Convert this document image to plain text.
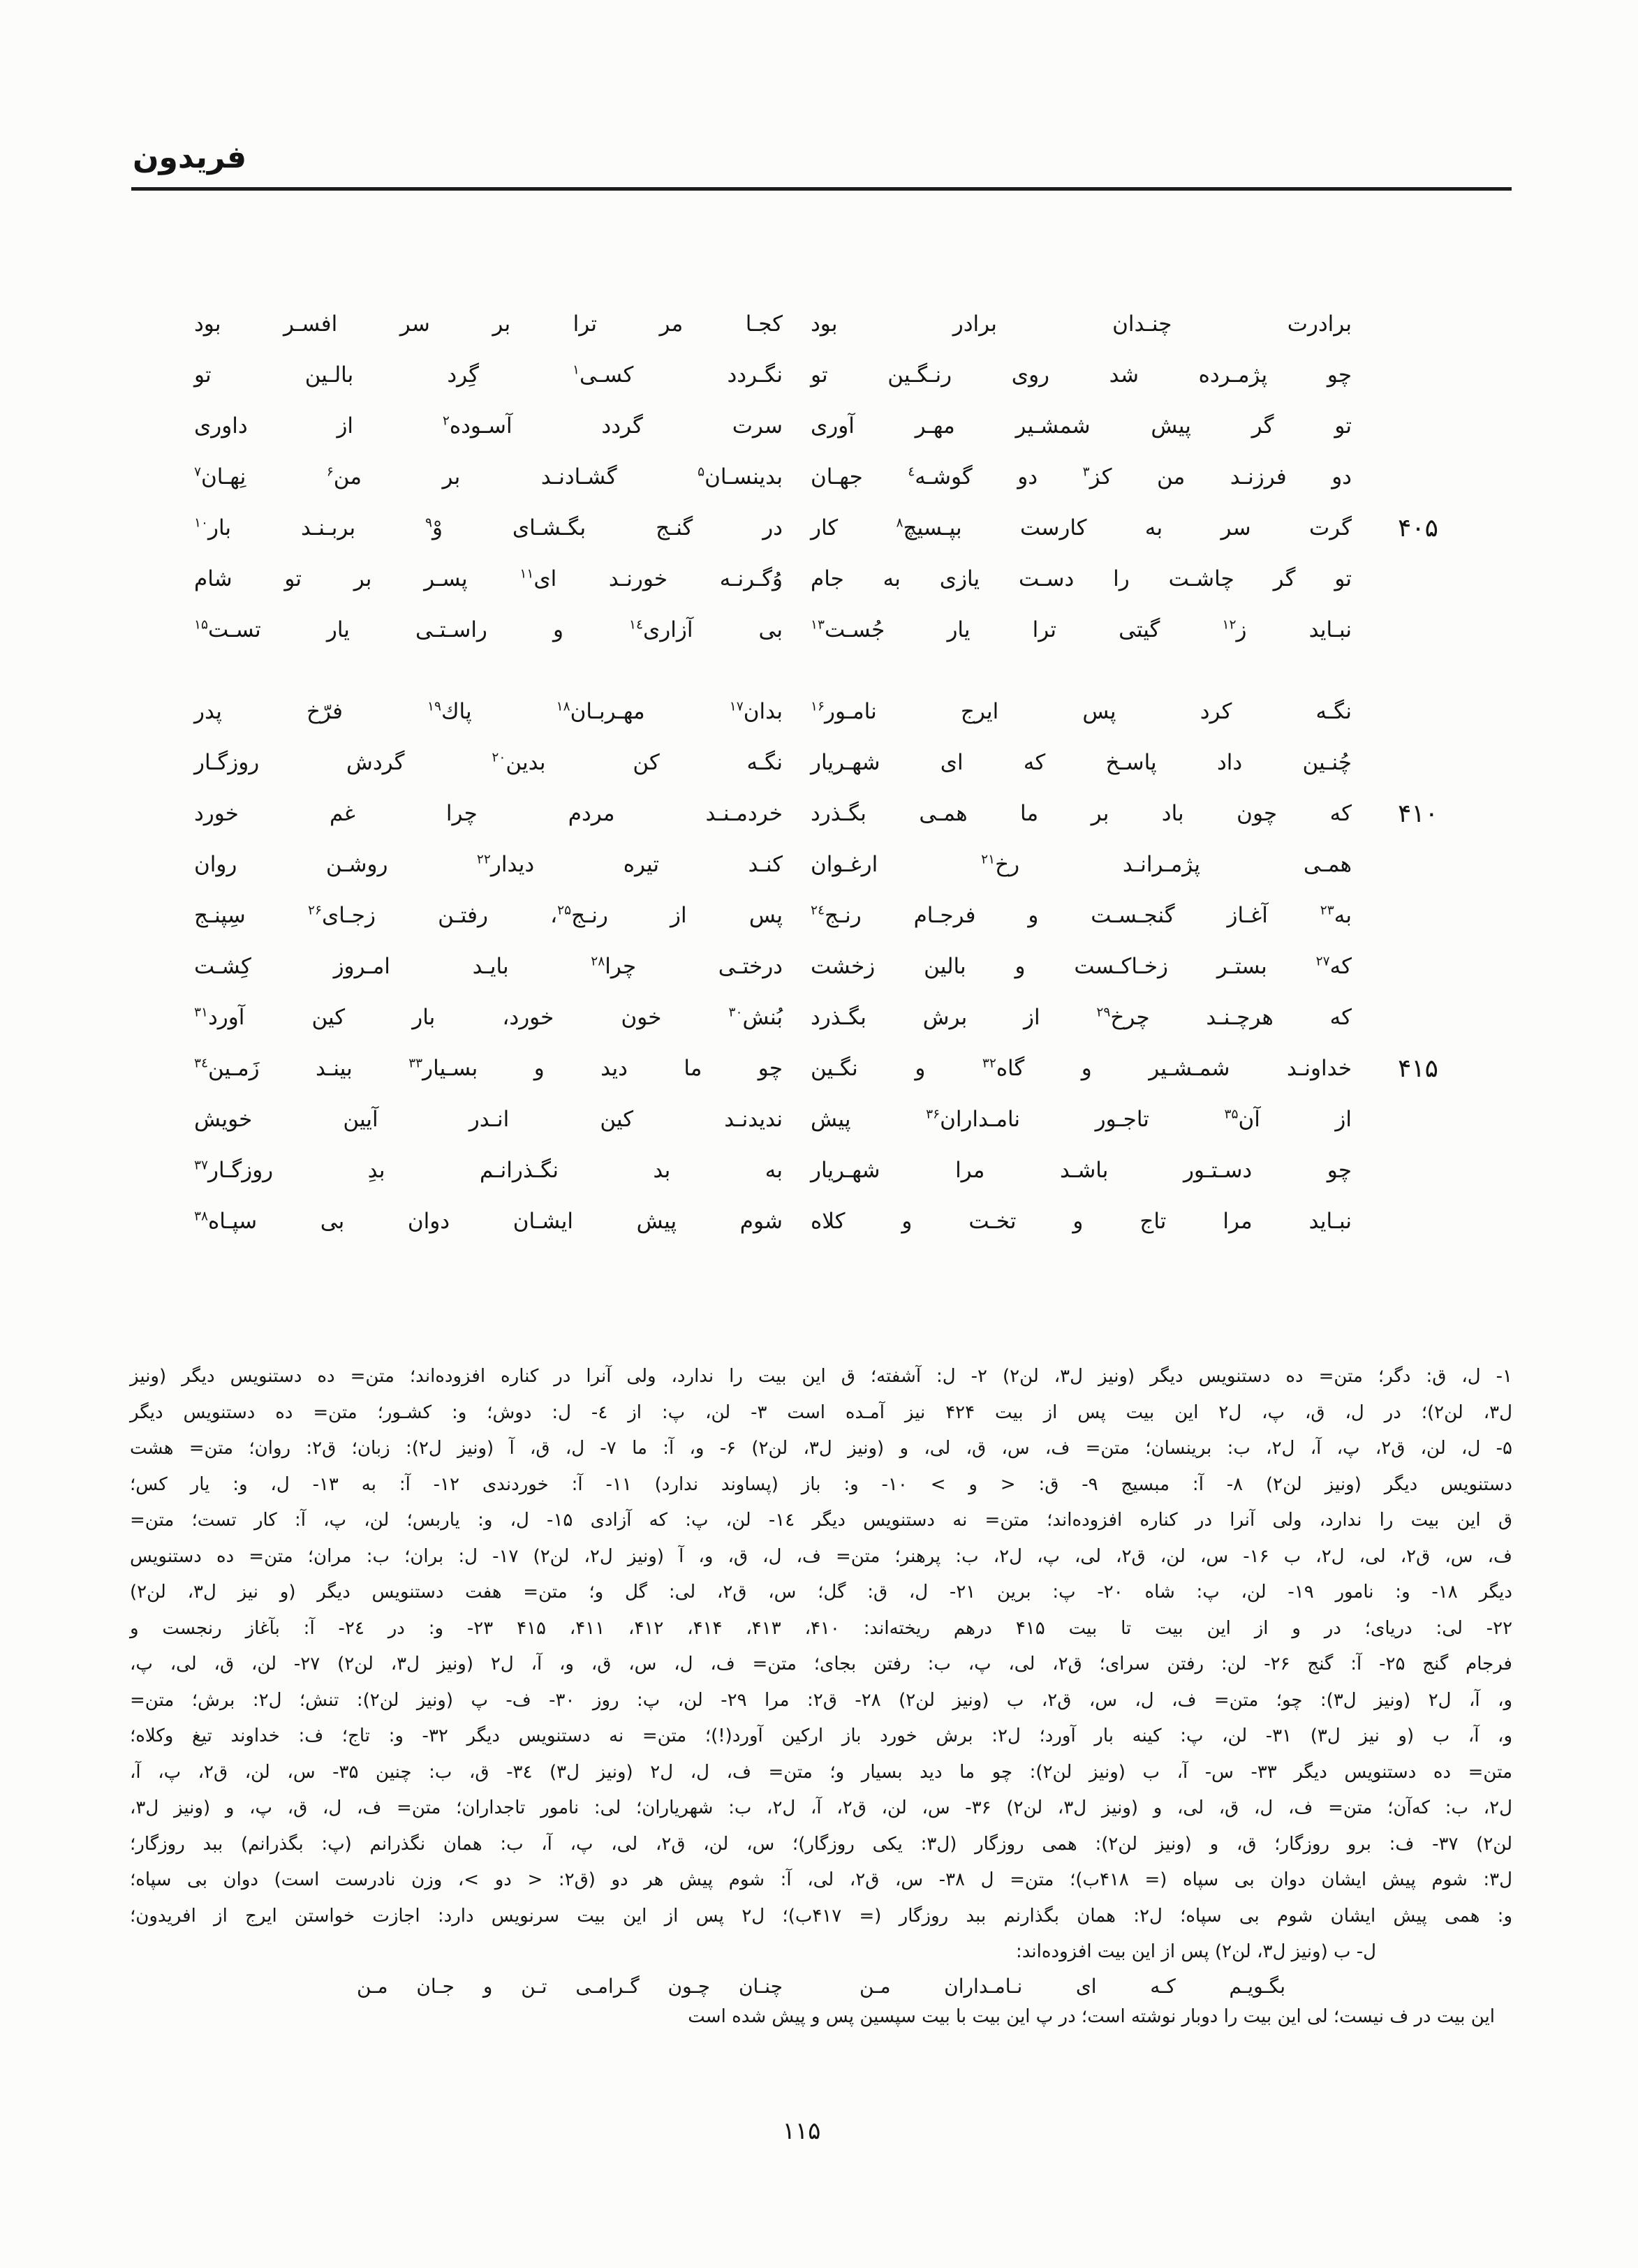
فریدون
برادرت چنـدان برادر بود
کجـا مر ترا بر سر افسـر بود
چو پژمـرده شد روی رنـگـین تو
نگـردد کسـی$^۱$ گِرد بالـین تو
تو گر پیش شمشـیر مهـر آوری
سرت گردد آسـوده$^۲$ از داوری
دو فرزنـد من کز$^۳$ دو گوشـه$^٤$ جهـان
بدینسـان$^۵$ گشـادنـد بر من$^۶$ نِهـان$^۷$
۴۰۵
گرت سر به کارست بپـسیچ$^۸$ کار
در گنـج بگـشـای وْ$^۹$ بربـنـد بار$^{۱۰}$
تو گر چاشـت را دسـت یازی به جام
وُگـرنـه خورنـد ای$^{۱۱}$ پسـر بر تو شام
نبـاید ز$^{۱۲}$ گیتی ترا یار جُسـت$^{۱۳}$
بی آزاری$^{۱٤}$ و راسـتـی یار تسـت$^{۱۵}$
نگـه کرد پس ایرج نامـور$^{۱۶}$
بدان$^{۱۷}$ مهـربـان$^{۱۸}$ پاك$^{۱۹}$ فرّخ پدر
چُنـین داد پاسـخ که ای شهـریار
نگـه کن بدین$^{۲۰}$ گردش روزگـار
۴۱۰
که چون باد بر ما همـی بگـذرد
خردمـنـد مردم چرا غم خورد
همـی پژمـرانـد رخ$^{۲۱}$ ارغـوان
کنـد تیره دیدار$^{۲۲}$ روشـن روان
به$^{۲۳}$ آغـاز گنجـسـت و فرجـام رنـج$^{۲٤}$
پس از رنـج$^{۲۵}$، رفتـن زجـای$^{۲۶}$ سِپنـج
که$^{۲۷}$ بستـر زخـاکـست و بالین زخشت
درختـی چرا$^{۲۸}$ بایـد امـروز کِشـت
که هرچـنـد چرخ$^{۲۹}$ از برش بگـذرد
بُنش$^{۳۰}$ خون خورد، بار کین آورد$^{۳۱}$
۴۱۵
خداونـد شمـشـیر و گاه$^{۳۲}$ و نگـین
چو ما دید و بسـیار$^{۳۳}$ بینـد زَمـین$^{۳٤}$
از آن$^{۳۵}$ تاجـور نامـداران$^{۳۶}$ پیش
ندیدنـد کین انـدر آیین خویش
چو دسـتـور باشـد مرا شهـریار
به بد نگـذرانـم بدِ روزگـار$^{۳۷}$
نبـاید مرا تاج و تخـت و کلاه
شوم پیش ایشـان دوان بی سپـاه$^{۳۸}$
۱- ل، ق: دگر؛ متن= ده دستنویس دیگر (ونیز ل۳، لن۲) ۲- ل: آشفته؛ ق این بیت را ندارد، ولی آنرا در کناره افزوده‌اند؛ متن= ده دستنویس دیگر (ونیز
ل۳، لن۲)؛ در ل، ق، پ، ل۲ این بیت پس از بیت ۴۲۴ نیز آمـده است ۳- لن، پ: از ٤- ل: دوش؛ و: کشـور؛ متن= ده دستنویس دیگر
۵- ل، لن، ق۲، پ، آ، ل۲، ب: برینسان؛ متن= ف، س، ق، لی، و (ونیز ل۳، لن۲) ۶- و، آ: ما ۷- ل، ق، آ (ونیز ل۲): زبان؛ ق۲: روان؛ متن= هشت
دستنویس دیگر (ونیز لن۲) ۸- آ: مبسیج ۹- ق: < و > ۱۰- و: باز (پساوند ندارد) ۱۱- آ: خوردندی ۱۲- آ: به ۱۳- ل، و: یار کس؛
ق این بیت را ندارد، ولی آنرا در کناره افزوده‌اند؛ متن= نه دستنویس دیگر ۱٤- لن، پ: که آزادی ۱۵- ل، و: یاربس؛ لن، پ، آ: کار تست؛ متن=
ف، س، ق۲، لی، ل۲، ب ۱۶- س، لن، ق۲، لی، پ، ل۲، ب: پرهنر؛ متن= ف، ل، ق، و، آ (ونیز ل۲، لن۲) ۱۷- ل: بران؛ ب: مران؛ متن= ده دستنویس
دیگر ۱۸- و: نامور ۱۹- لن، پ: شاه ۲۰- پ: برین ۲۱- ل، ق: گل؛ س، ق۲، لی: گل و؛ متن= هفت دستنویس دیگر (و نیز ل۳، لن۲)
۲۲- لی: دریای؛ در و از این بیت تا بیت ۴۱۵ درهم ریخته‌اند: ۴۱۰، ۴۱۳، ۴۱۴، ۴۱۲، ۴۱۱، ۴۱۵ ۲۳- و: در ۲٤- آ: بآغاز رنجست و
فرجام گنج ۲۵- آ: گنج ۲۶- لن: رفتن سرای؛ ق۲، لی، پ، ب: رفتن بجای؛ متن= ف، ل، س، ق، و، آ، ل۲ (ونیز ل۳، لن۲) ۲۷- لن، ق، لی، پ،
و، آ، ل۲ (ونیز ل۳): چو؛ متن= ف، ل، س، ق۲، ب (ونیز لن۲) ۲۸- ق۲: مرا ۲۹- لن، پ: روز ۳۰- ف- پ (ونیز لن۲): تنش؛ ل۲: برش؛ متن=
و، آ، ب (و نیز ل۳) ۳۱- لن، پ: کینه بار آورد؛ ل۲: برش خورد باز ارکین آورد(!)؛ متن= نه دستنویس دیگر ۳۲- و: تاج؛ ف: خداوند تیغ وکلاه؛
متن= ده دستنویس دیگر ۳۳- س- آ، ب (ونیز لن۲): چو ما دید بسیار و؛ متن= ف، ل، ل۲ (ونیز ل۳) ۳٤- ق، ب: چنین ۳۵- س، لن، ق۲، پ، آ،
ل۲، ب: که‌آن؛ متن= ف، ل، ق، لی، و (ونیز ل۳، لن۲) ۳۶- س، لن، ق۲، آ، ل۲، ب: شهریاران؛ لی: نامور تاجداران؛ متن= ف، ل، ق، پ، و (ونیز ل۳،
لن۲) ۳۷- ف: برو روزگار؛ ق، و (ونیز لن۲): همی روزگار (ل۳: یکی روزگار)؛ س، لن، ق۲، لی، پ، آ، ب: همان نگذرانم (پ: بگذرانم) ببد روزگار؛
ل۳: شوم پیش ایشان دوان بی سپاه (= ۴۱۸ب)؛ متن= ل ۳۸- س، ق۲، لی، آ: شوم پیش هر دو (ق۲: < دو >، وزن نادرست است) دوان بی سپاه؛
و: همی پیش ایشان شوم بی سپاه؛ ل۲: همان بگذارنم ببد روزگار (= ۴۱۷ب)؛ ل۲ پس از این بیت سرنویس دارد: اجازت خواستن ایرج از افریدون؛
ل- ب (ونیز ل۳، لن۲) پس از این بیت افزوده‌اند:
بگـویـم کـه ای نـامـداران مـن
چنـان چـون گـرامـی تـن و جـان مـن
این بیت در ف نیست؛ لی این بیت را دوبار نوشته است؛ در پ این بیت با بیت سپسین پس و پیش شده است
۱۱۵
